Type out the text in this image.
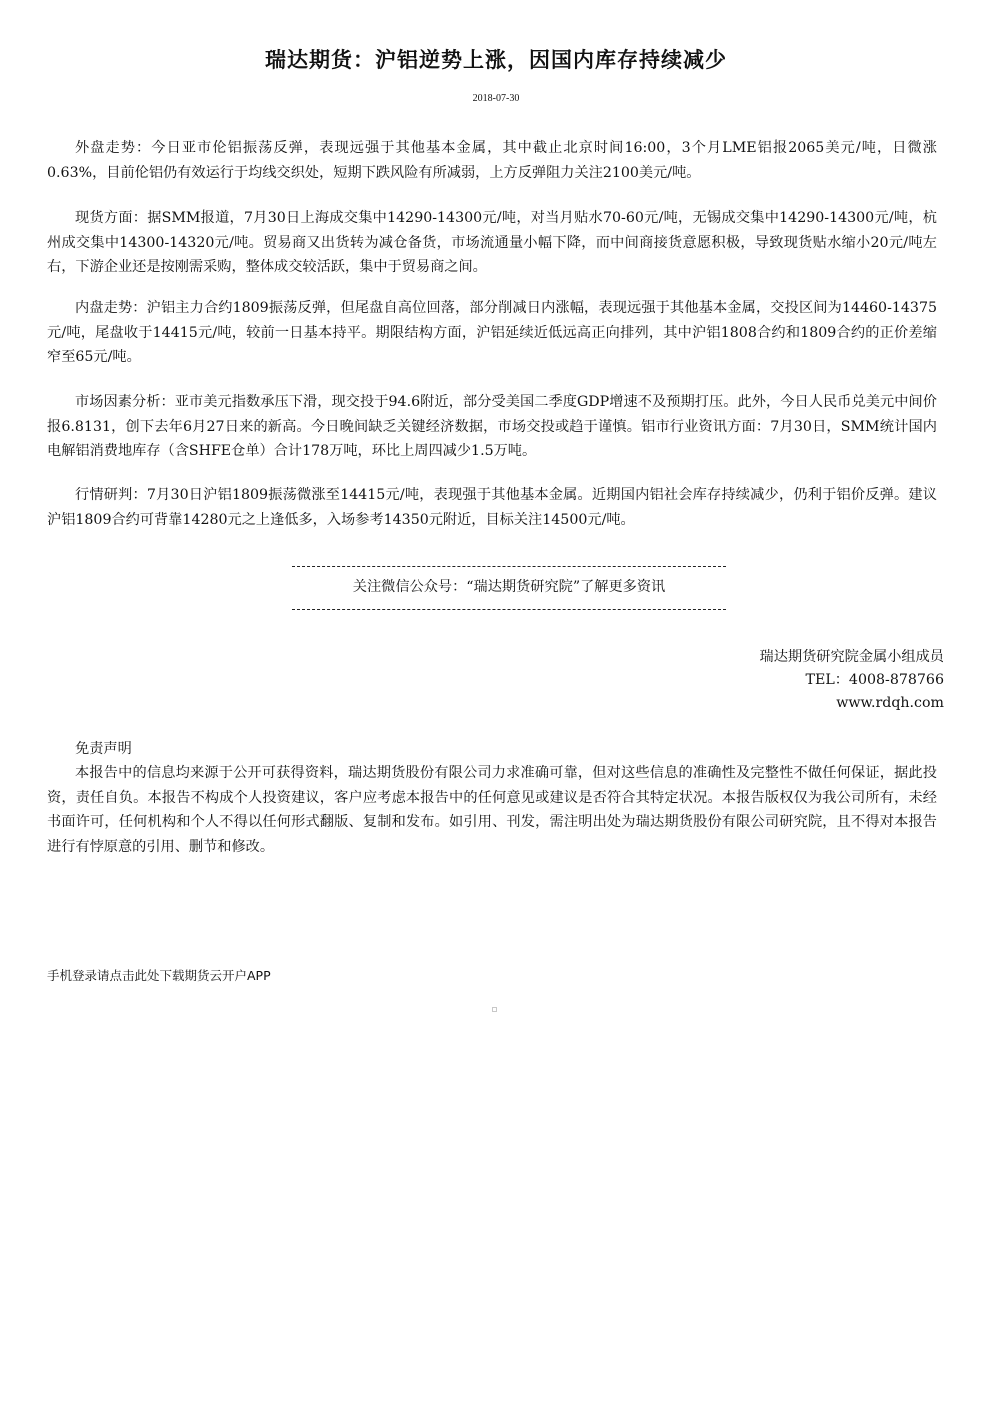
瑞达期货：沪铝逆势上涨，因国内库存持续减少
2018-07-30

外盘走势：今日亚市伦铝振荡反弹，表现远强于其他基本金属，其中截止北京时间16:00，3个月LME铝报2065美元/吨，日微涨0.63%，目前伦铝仍有效运行于均线交织处，短期下跌风险有所减弱，上方反弹阻力关注2100美元/吨。

现货方面：据SMM报道，7月30日上海成交集中14290-14300元/吨，对当月贴水70-60元/吨，无锡成交集中14290-14300元/吨，杭州成交集中14300-14320元/吨。贸易商又出货转为减仓备货，市场流通量小幅下降，而中间商接货意愿积极，导致现货贴水缩小20元/吨左右，下游企业还是按刚需采购，整体成交较活跃，集中于贸易商之间。

内盘走势：沪铝主力合约1809振荡反弹，但尾盘自高位回落，部分削减日内涨幅，表现远强于其他基本金属，交投区间为14460-14375元/吨，尾盘收于14415元/吨，较前一日基本持平。期限结构方面，沪铝延续近低远高正向排列，其中沪铝1808合约和1809合约的正价差缩窄至65元/吨。

市场因素分析：亚市美元指数承压下滑，现交投于94.6附近，部分受美国二季度GDP增速不及预期打压。此外，今日人民币兑美元中间价报6.8131，创下去年6月27日来的新高。今日晚间缺乏关键经济数据，市场交投或趋于谨慎。铝市行业资讯方面：7月30日，SMM统计国内电解铝消费地库存（含SHFE仓单）合计178万吨，环比上周四减少1.5万吨。

行情研判：7月30日沪铝1809振荡微涨至14415元/吨，表现强于其他基本金属。近期国内铝社会库存持续减少，仍利于铝价反弹。建议沪铝1809合约可背靠14280元之上逢低多，入场参考14350元附近，目标关注14500元/吨。

关注微信公众号：“瑞达期货研究院”了解更多资讯
瑞达期货研究院金属小组成员
TEL：4008-878766
www.rdqh.com
免责声明

本报告中的信息均来源于公开可获得资料，瑞达期货股份有限公司力求准确可靠，但对这些信息的准确性及完整性不做任何保证，据此投资，责任自负。本报告不构成个人投资建议，客户应考虑本报告中的任何意见或建议是否符合其特定状况。本报告版权仅为我公司所有，未经书面许可，任何机构和个人不得以任何形式翻版、复制和发布。如引用、刊发，需注明出处为瑞达期货股份有限公司研究院，且不得对本报告进行有悖原意的引用、删节和修改。

手机登录请点击此处下载期货云开户APP
